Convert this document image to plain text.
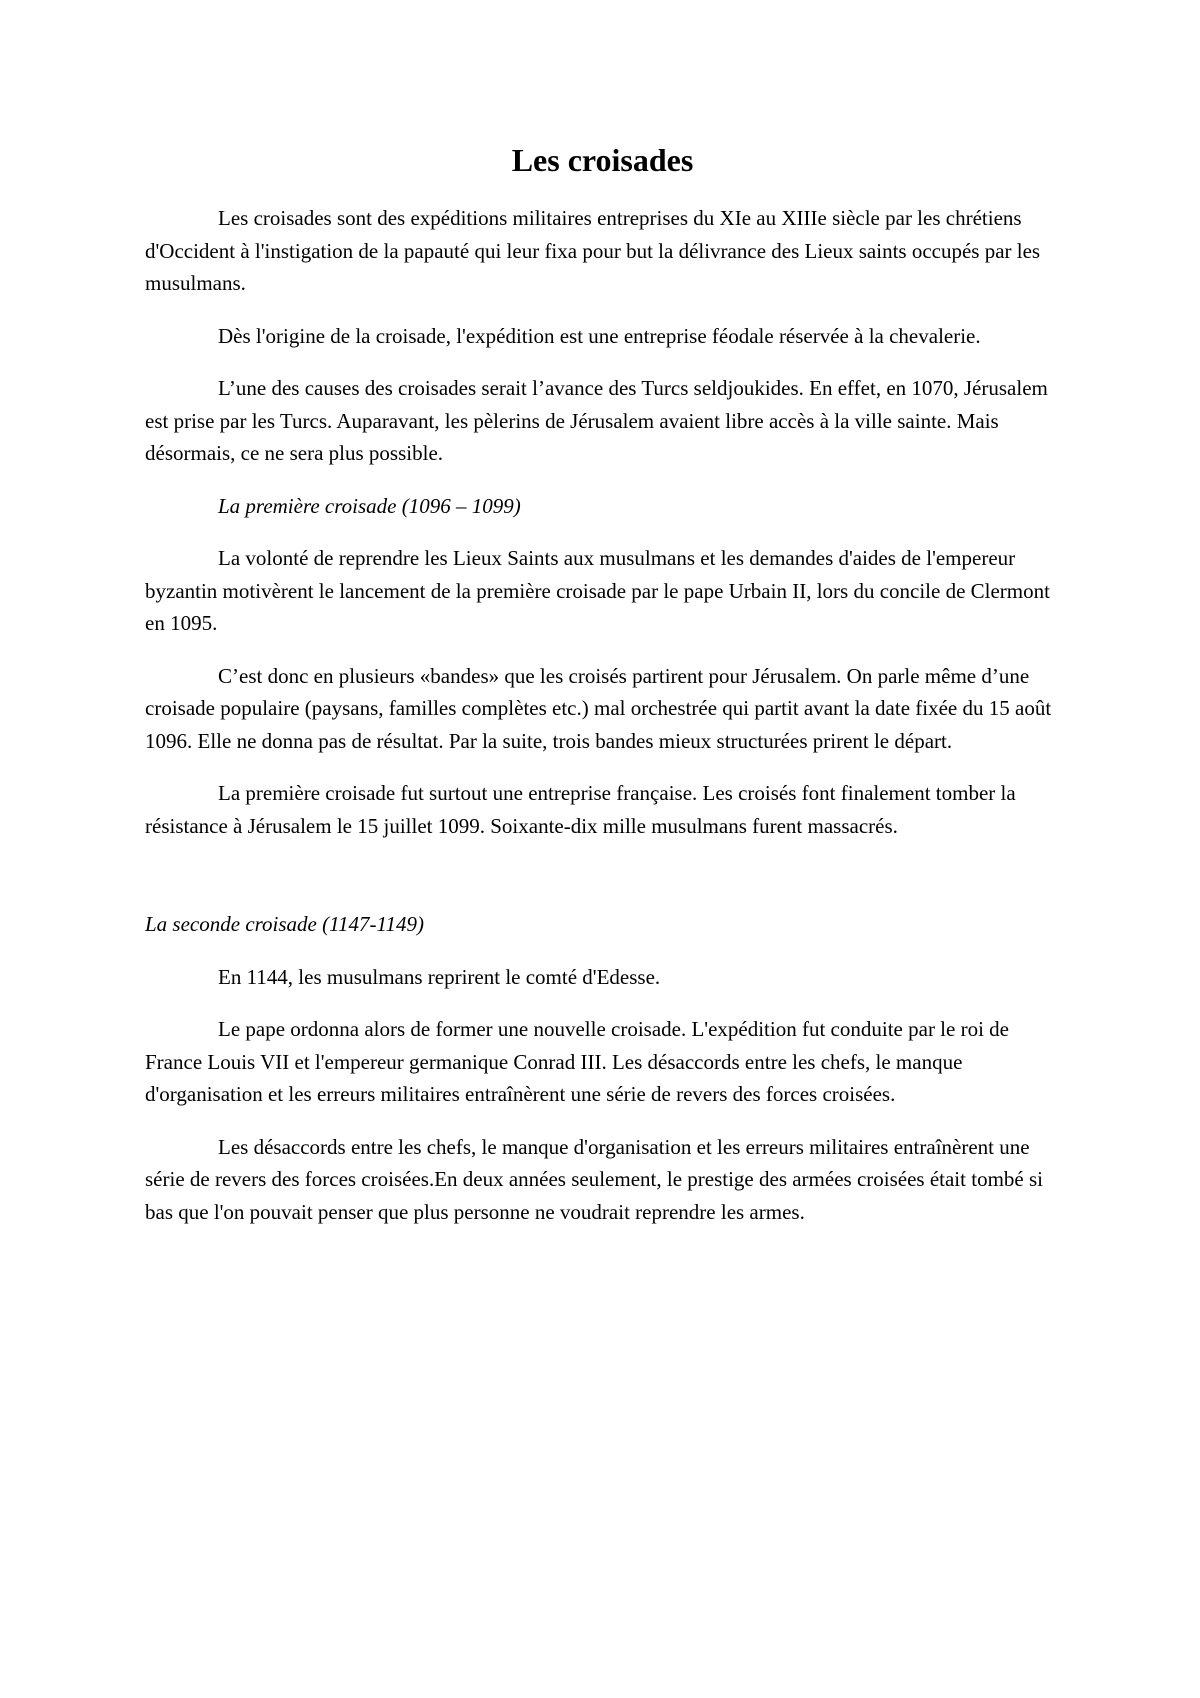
Les croisades

Les croisades sont des expéditions militaires entreprises du XIe au XIIIe siècle par les chrétiens d'Occident à l'instigation de la papauté qui leur fixa pour but la délivrance des Lieux saints occupés par les musulmans.

Dès l'origine de la croisade, l'expédition est une entreprise féodale réservée à la chevalerie.

L’une des causes des croisades serait l’avance des Turcs seldjoukides. En effet, en 1070, Jérusalem est prise par les Turcs. Auparavant, les pèlerins de Jérusalem avaient libre accès à la ville sainte. Mais désormais, ce ne sera plus possible.

La première croisade (1096 – 1099)

La volonté de reprendre les Lieux Saints aux musulmans et les demandes d'aides de l'empereur byzantin motivèrent le lancement de la première croisade par le pape Urbain II, lors du concile de Clermont en 1095.

C’est donc en plusieurs «bandes» que les croisés partirent pour Jérusalem. On parle même d’une croisade populaire (paysans, familles complètes etc.) mal orchestrée qui partit avant la date fixée du 15 août 1096. Elle ne donna pas de résultat. Par la suite, trois bandes mieux structurées prirent le départ.

La première croisade fut surtout une entreprise française. Les croisés font finalement tomber la résistance à Jérusalem le 15 juillet 1099. Soixante-dix mille musulmans furent massacrés.

La seconde croisade (1147-1149)

En 1144, les musulmans reprirent le comté d'Edesse.

Le pape ordonna alors de former une nouvelle croisade. L'expédition fut conduite par le roi de France Louis VII et l'empereur germanique Conrad III. Les désaccords entre les chefs, le manque d'organisation et les erreurs militaires entraînèrent une série de revers des forces croisées.

Les désaccords entre les chefs, le manque d'organisation et les erreurs militaires entraînèrent une série de revers des forces croisées.En deux années seulement, le prestige des armées croisées était tombé si bas que l'on pouvait penser que plus personne ne voudrait reprendre les armes.
